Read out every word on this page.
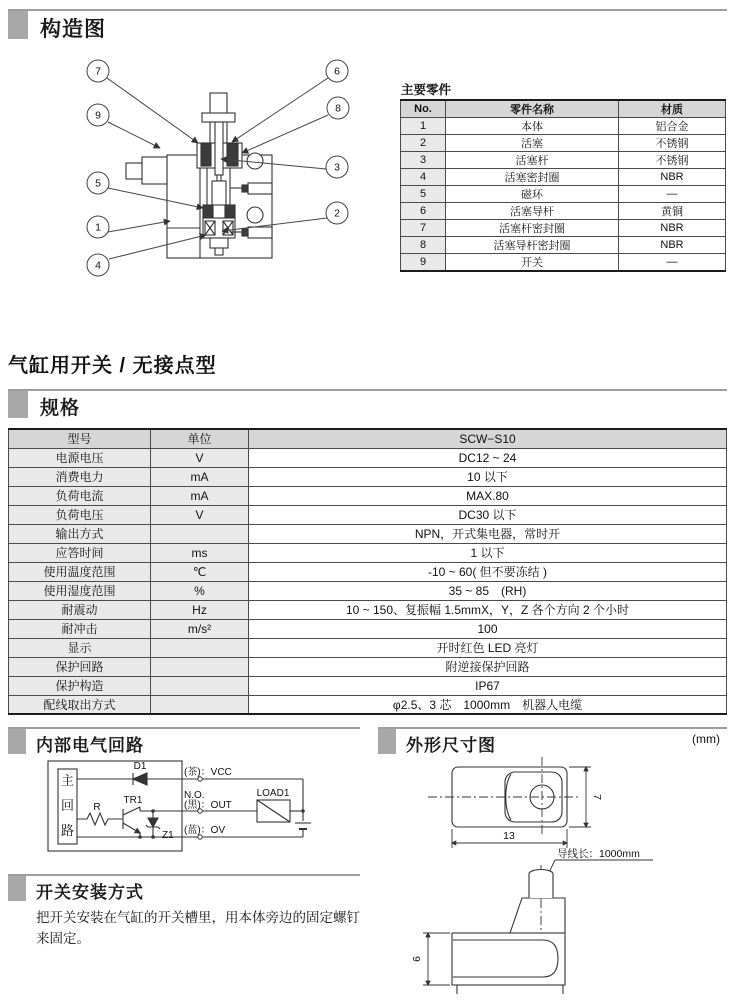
构造图
7
9
5
1
4
6
8
3
2
主要零件
No.	零件名称	材质
1	本体	铝合金
2	活塞	不锈钢
3	活塞杆	不锈钢
4	活塞密封圈	NBR
5	磁环	—
6	活塞导杆	黄铜
7	活塞杆密封圈	NBR
8	活塞导杆密封圈	NBR
9	开关	—
气缸用开关 / 无接点型
规格
型号	单位	SCW−S10
电源电压	V	DC12 ~ 24
消费电力	mA	10 以下
负荷电流	mA	MAX.80
负荷电压	V	DC30 以下
输出方式		NPN，开式集电器，常时开
应答时间	ms	1 以下
使用温度范围	℃	-10 ~ 60( 但不要冻结 )
使用湿度范围	%	35 ~ 85　(RH)
耐震动	Hz	10 ~ 150、复振幅 1.5mmX，Y，Z 各个方向 2 个小时
耐冲击	m/s²	100
显示		开时红色 LED 亮灯
保护回路		附逆接保护回路
保护构造		IP67
配线取出方式		φ2.5、3 芯　1000mm　机器人电缆
内部电气回路
主
回
路
D1
R
TR1
Z1
LOAD1
(茶)：VCC
N.O.
(黑)：OUT
(蓝)：OV
外形尺寸图	(mm)
7
13
导线长：1000mm
6
开关安装方式
把开关安装在气缸的开关槽里，用本体旁边的固定螺钉来固定。
